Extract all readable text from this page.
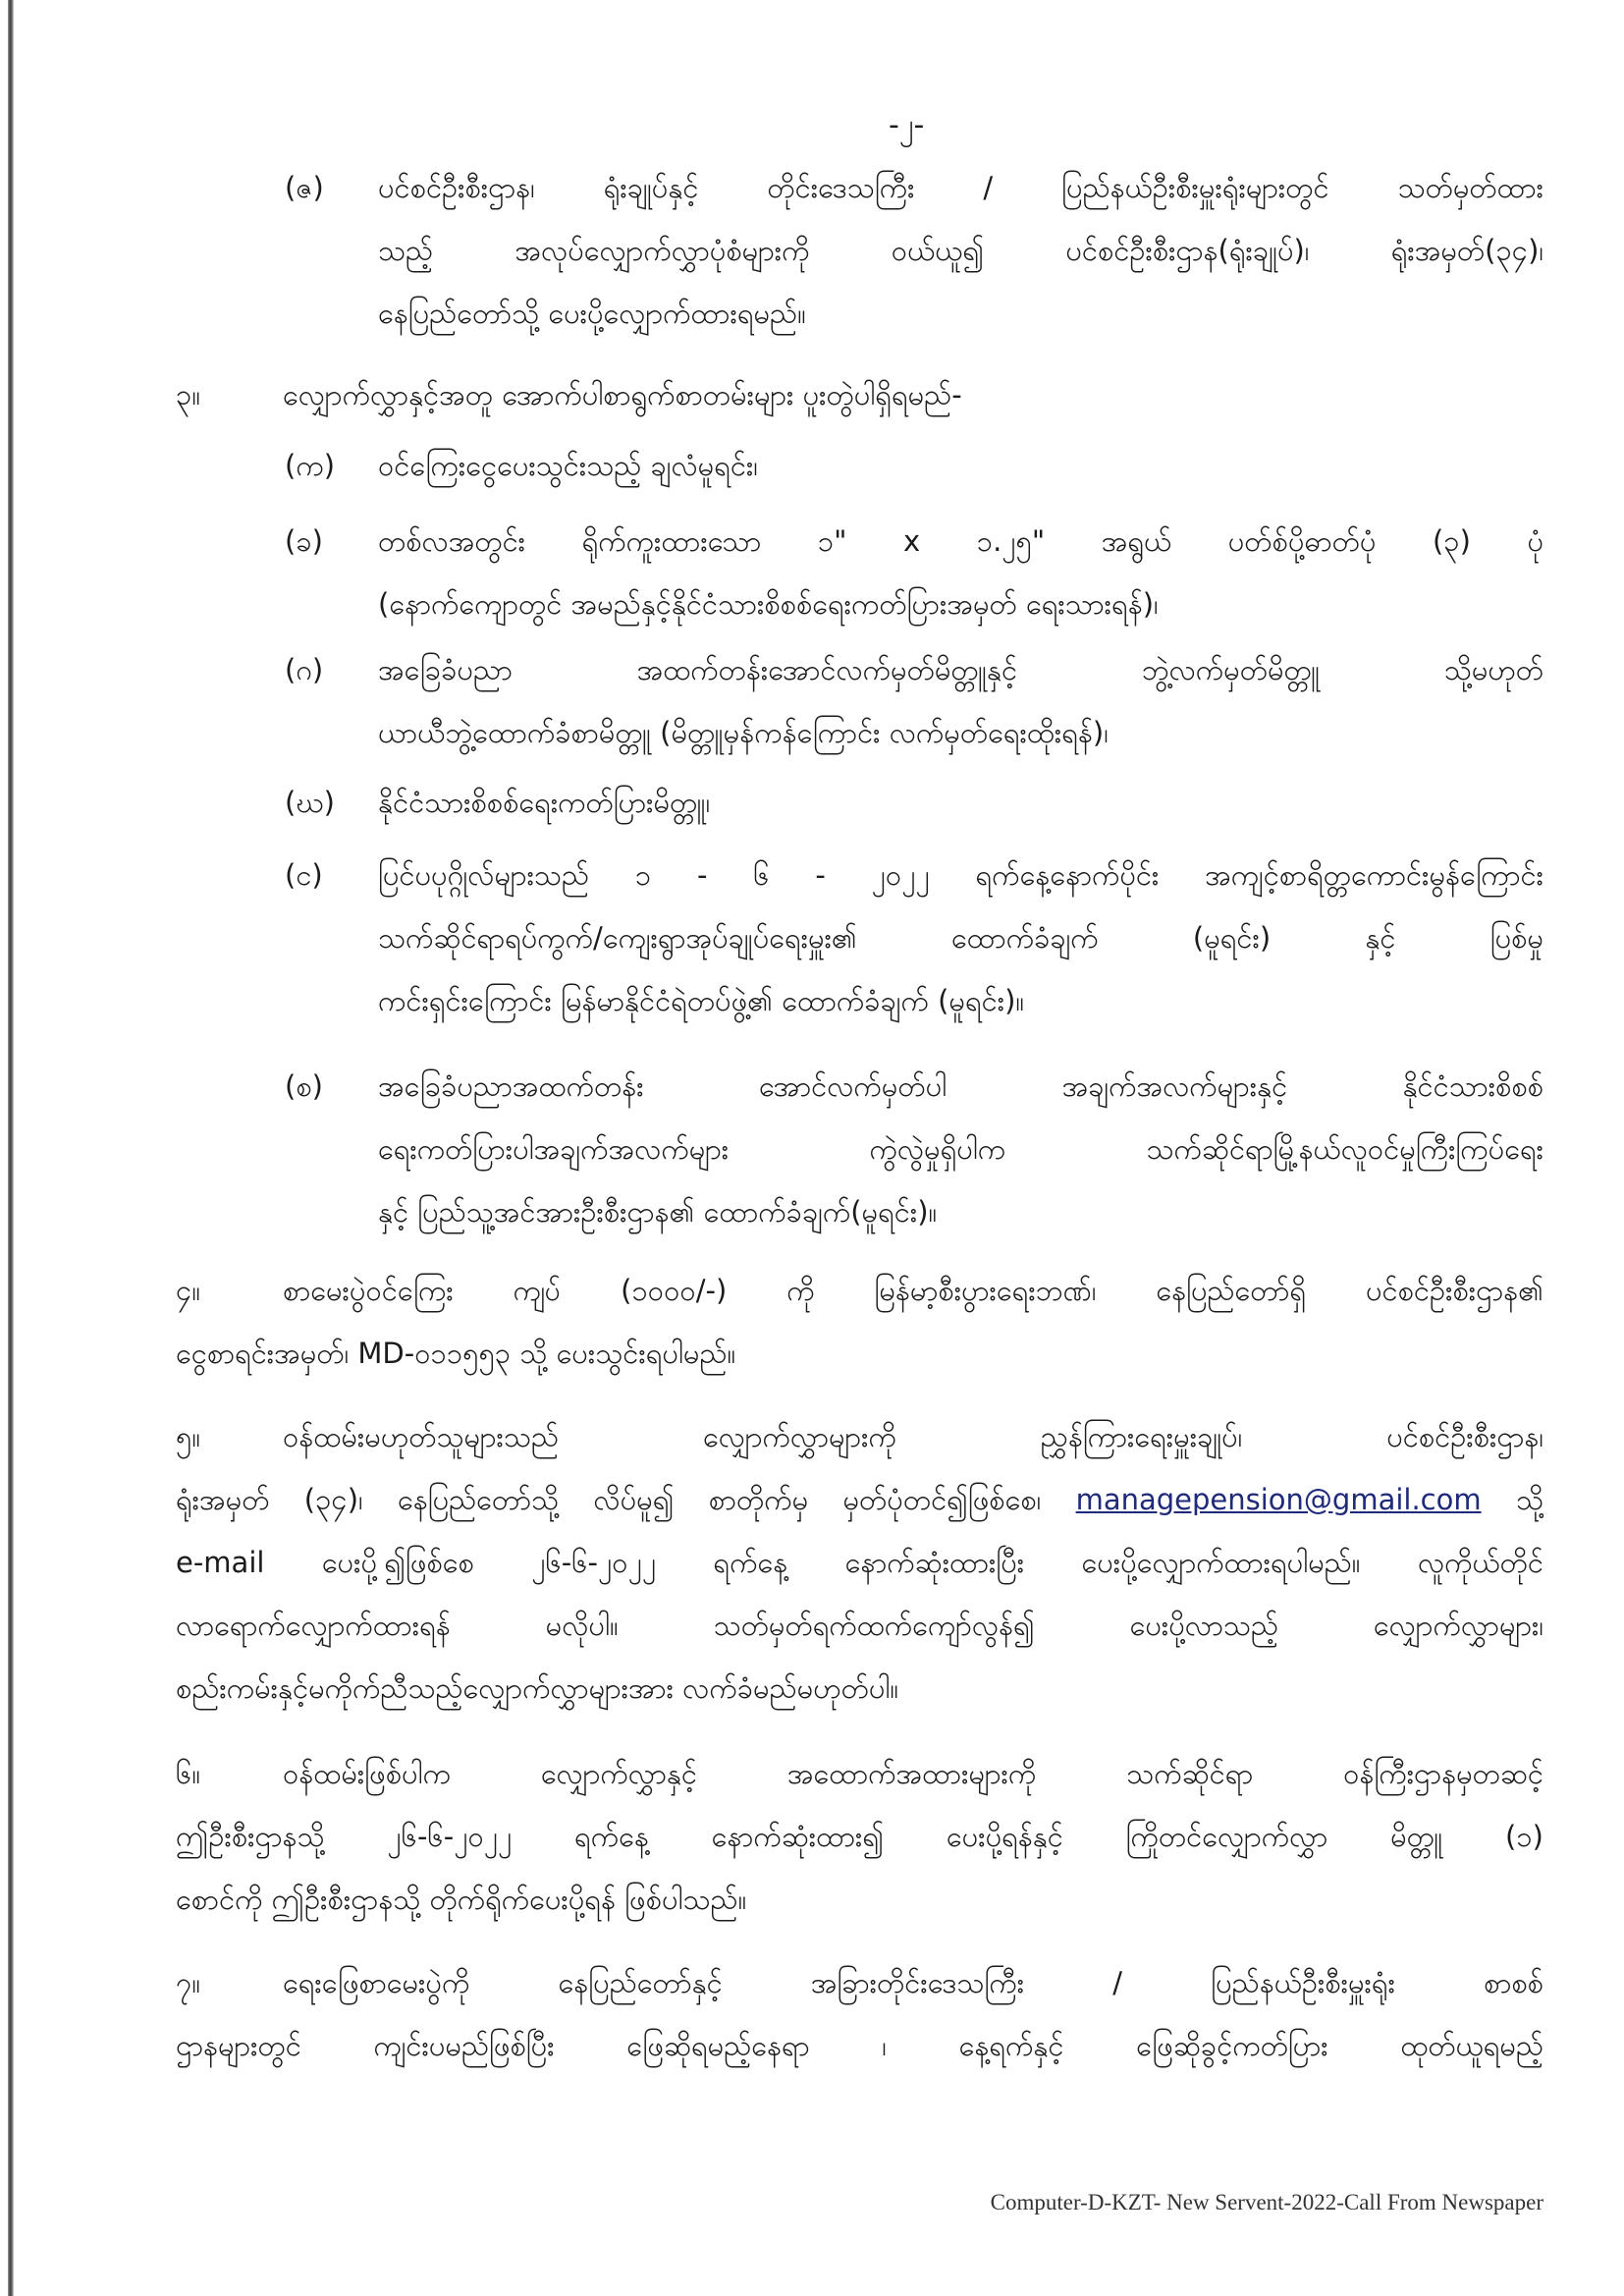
-၂-
(ဇ) ပင်စင်ဦးစီးဌာန၊ ရုံးချုပ်နှင့် တိုင်းဒေသကြီး / ပြည်နယ်ဦးစီးမှူးရုံးများတွင် သတ်မှတ်ထား
သည့် အလုပ်လျှောက်လွှာပုံစံများကို ဝယ်ယူ၍ ပင်စင်ဦးစီးဌာန(ရုံးချုပ်)၊ ရုံးအမှတ်(၃၄)၊
နေပြည်တော်သို့ ပေးပို့လျှောက်ထားရမည်။
၃။	လျှောက်လွှာနှင့်အတူ အောက်ပါစာရွက်စာတမ်းများ ပူးတွဲပါရှိရမည်-
(က) ဝင်ကြေးငွေပေးသွင်းသည့် ချလံမူရင်း၊
(ခ) တစ်လအတွင်း ရိုက်ကူးထားသော ၁" x ၁.၂၅" အရွယ် ပတ်စ်ပို့ဓာတ်ပုံ (၃) ပုံ
(နောက်ကျောတွင် အမည်နှင့်နိုင်ငံသားစိစစ်ရေးကတ်ပြားအမှတ် ရေးသားရန်)၊
(ဂ) အခြေခံပညာ အထက်တန်းအောင်လက်မှတ်မိတ္တူနှင့် ဘွဲ့လက်မှတ်မိတ္တူ သို့မဟုတ်
ယာယီဘွဲ့ထောက်ခံစာမိတ္တူ (မိတ္တူမှန်ကန်ကြောင်း လက်မှတ်ရေးထိုးရန်)၊
(ဃ) နိုင်ငံသားစိစစ်ရေးကတ်ပြားမိတ္တူ၊
(င) ပြင်ပပုဂ္ဂိုလ်များသည် ၁ - ၆ - ၂၀၂၂ ရက်နေ့နောက်ပိုင်း အကျင့်စာရိတ္တကောင်းမွန်ကြောင်း
သက်ဆိုင်ရာရပ်ကွက်/ကျေးရွာအုပ်ချုပ်ရေးမှူး၏ ထောက်ခံချက် (မူရင်း) နှင့် ပြစ်မှု
ကင်းရှင်းကြောင်း မြန်မာနိုင်ငံရဲတပ်ဖွဲ့၏ ထောက်ခံချက် (မူရင်း)။
(စ) အခြေခံပညာအထက်တန်း အောင်လက်မှတ်ပါ အချက်အလက်များနှင့် နိုင်ငံသားစိစစ်
ရေးကတ်ပြားပါအချက်အလက်များ ကွဲလွဲမှုရှိပါက သက်ဆိုင်ရာမြို့နယ်လူဝင်မှုကြီးကြပ်ရေး
နှင့် ပြည်သူ့အင်အားဦးစီးဌာန၏ ထောက်ခံချက်(မူရင်း)။
၄။	စာမေးပွဲဝင်ကြေး ကျပ် (၁၀၀၀/-) ကို မြန်မာ့စီးပွားရေးဘဏ်၊ နေပြည်တော်ရှိ ပင်စင်ဦးစီးဌာန၏
ငွေစာရင်းအမှတ်၊ MD-၀၁၁၅၅၃ သို့ ပေးသွင်းရပါမည်။
၅။	ဝန်ထမ်းမဟုတ်သူများသည် လျှောက်လွှာများကို ညွှန်ကြားရေးမှူးချုပ်၊ ပင်စင်ဦးစီးဌာန၊
ရုံးအမှတ် (၃၄)၊ နေပြည်တော်သို့ လိပ်မူ၍ စာတိုက်မှ မှတ်ပုံတင်၍ဖြစ်စေ၊ managepension@gmail.com သို့
e-mail ပေးပို့၍ဖြစ်စေ ၂၆-၆-၂၀၂၂ ရက်နေ့ နောက်ဆုံးထားပြီး ပေးပို့လျှောက်ထားရပါမည်။ လူကိုယ်တိုင်
လာရောက်လျှောက်ထားရန် မလိုပါ။ သတ်မှတ်ရက်ထက်ကျော်လွန်၍ ပေးပို့လာသည့် လျှောက်လွှာများ၊
စည်းကမ်းနှင့်မကိုက်ညီသည့်လျှောက်လွှာများအား လက်ခံမည်မဟုတ်ပါ။
၆။	ဝန်ထမ်းဖြစ်ပါက လျှောက်လွှာနှင့် အထောက်အထားများကို သက်ဆိုင်ရာ ဝန်ကြီးဌာနမှတဆင့်
ဤဦးစီးဌာနသို့ ၂၆-၆-၂၀၂၂ ရက်နေ့ နောက်ဆုံးထား၍ ပေးပို့ရန်နှင့် ကြိုတင်လျှောက်လွှာ မိတ္တူ (၁)
စောင်ကို ဤဦးစီးဌာနသို့ တိုက်ရိုက်ပေးပို့ရန် ဖြစ်ပါသည်။
၇။	ရေးဖြေစာမေးပွဲကို နေပြည်တော်နှင့် အခြားတိုင်းဒေသကြီး / ပြည်နယ်ဦးစီးမှူးရုံး စာစစ်
ဌာနများတွင် ကျင်းပမည်ဖြစ်ပြီး ဖြေဆိုရမည့်နေရာ ၊ နေ့ရက်နှင့် ဖြေဆိုခွင့်ကတ်ပြား ထုတ်ယူရမည့်
Computer-D-KZT- New Servent-2022-Call From Newspaper
